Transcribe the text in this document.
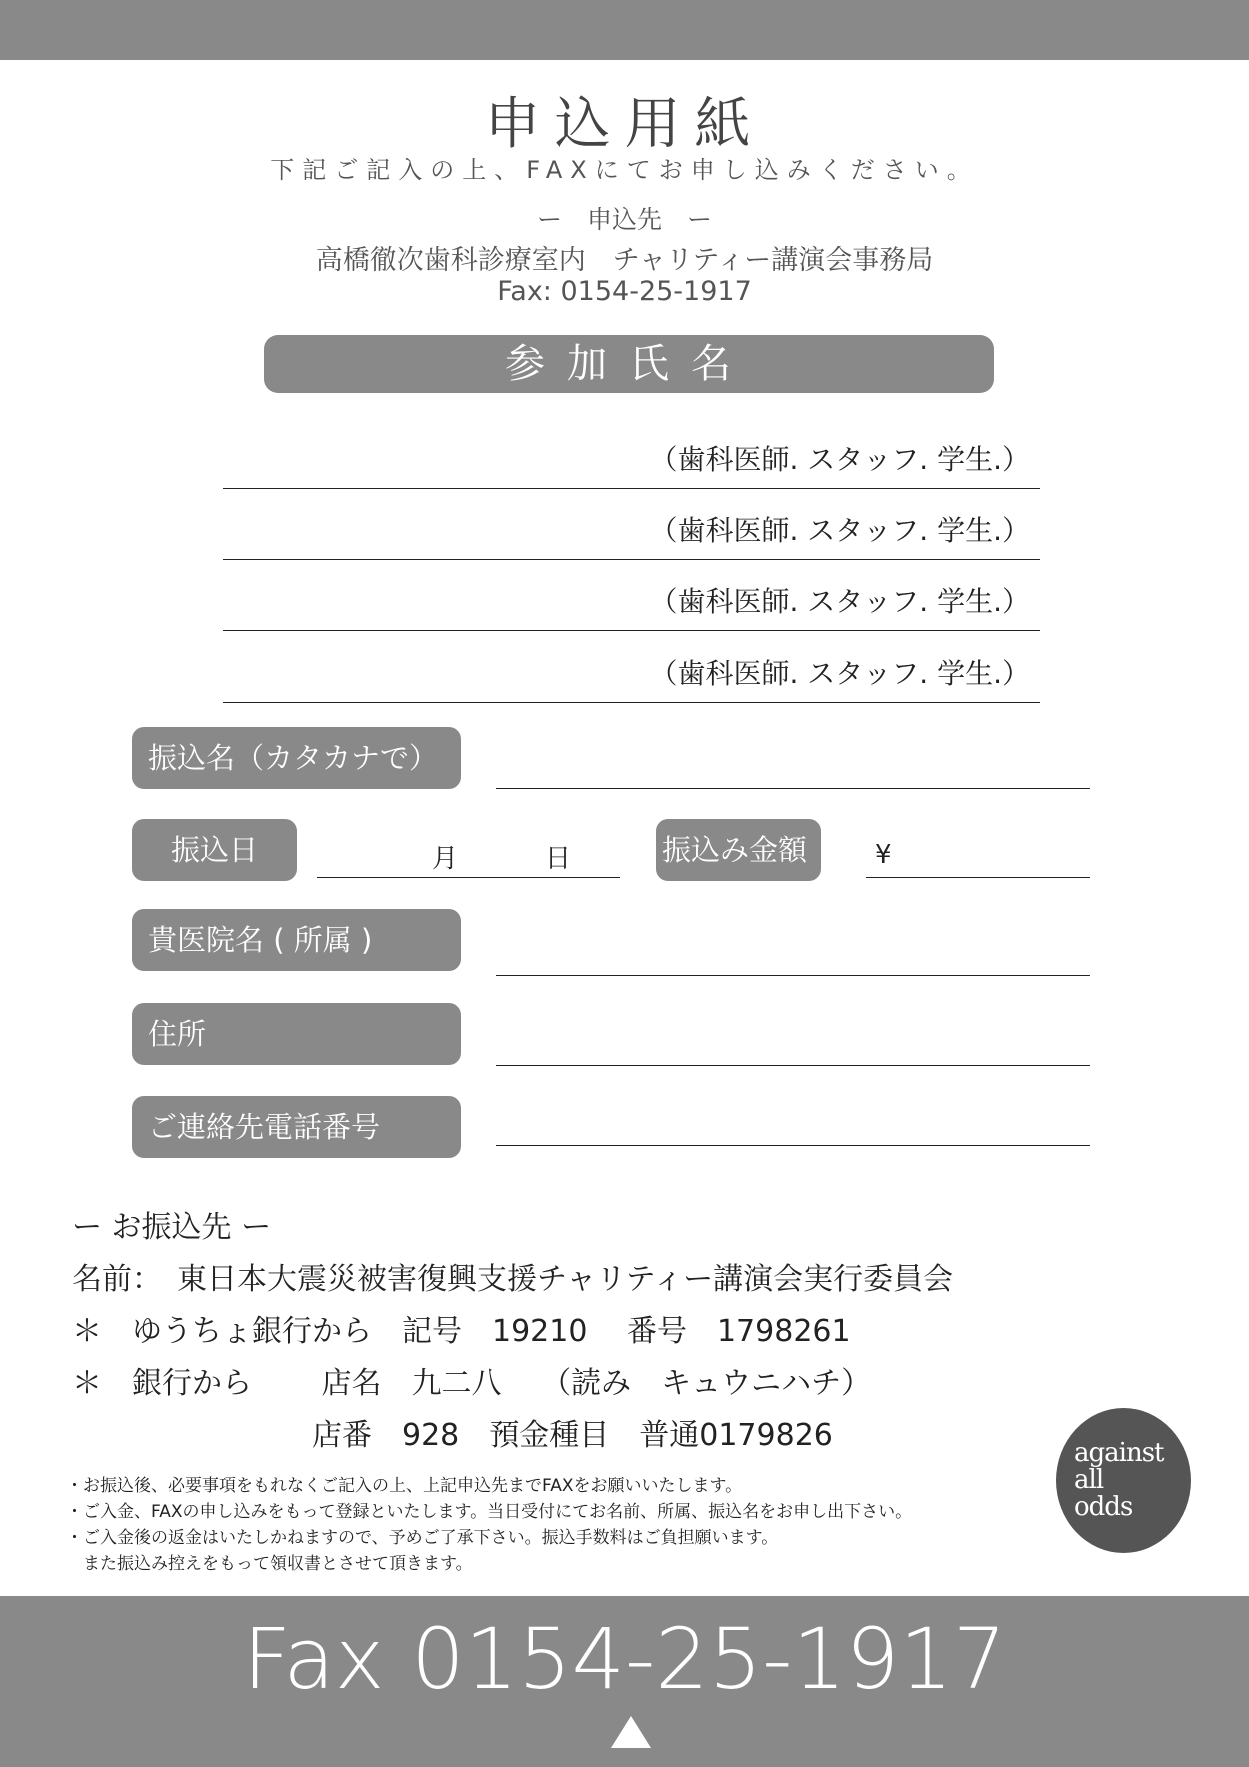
申込用紙
下記ご記入の上、FAXにてお申し込みください。
ー　申込先　ー
高橋徹次歯科診療室内　チャリティー講演会事務局
Fax: 0154-25-1917
参加氏名
（歯科医師. スタッフ. 学生.）
（歯科医師. スタッフ. 学生.）
（歯科医師. スタッフ. 学生.）
（歯科医師. スタッフ. 学生.）
振込名（カタカナで）
振込日	月	日	振込み金額	¥
貴医院名 ( 所属 )
住所
ご連絡先電話番号
ー お振込先 ー
名前：　東日本大震災被害復興支援チャリティー講演会実行委員会
＊　ゆうちょ銀行から　記号　19210　 番号　1798261
＊　銀行から　　 店名　九二八　 （読み　キュウニハチ）
店番　928　預金種目　普通0179826
・お振込後、必要事項をもれなくご記入の上、上記申込先までFAXをお願いいたします。
・ご入金、FAXの申し込みをもって登録といたします。当日受付にてお名前、所属、振込名をお申し出下さい。
・ご入金後の返金はいたしかねますので、予めご了承下さい。振込手数料はご負担願います。
　また振込み控えをもって領収書とさせて頂きます。
against
all
odds
Fax 0154-25-1917
